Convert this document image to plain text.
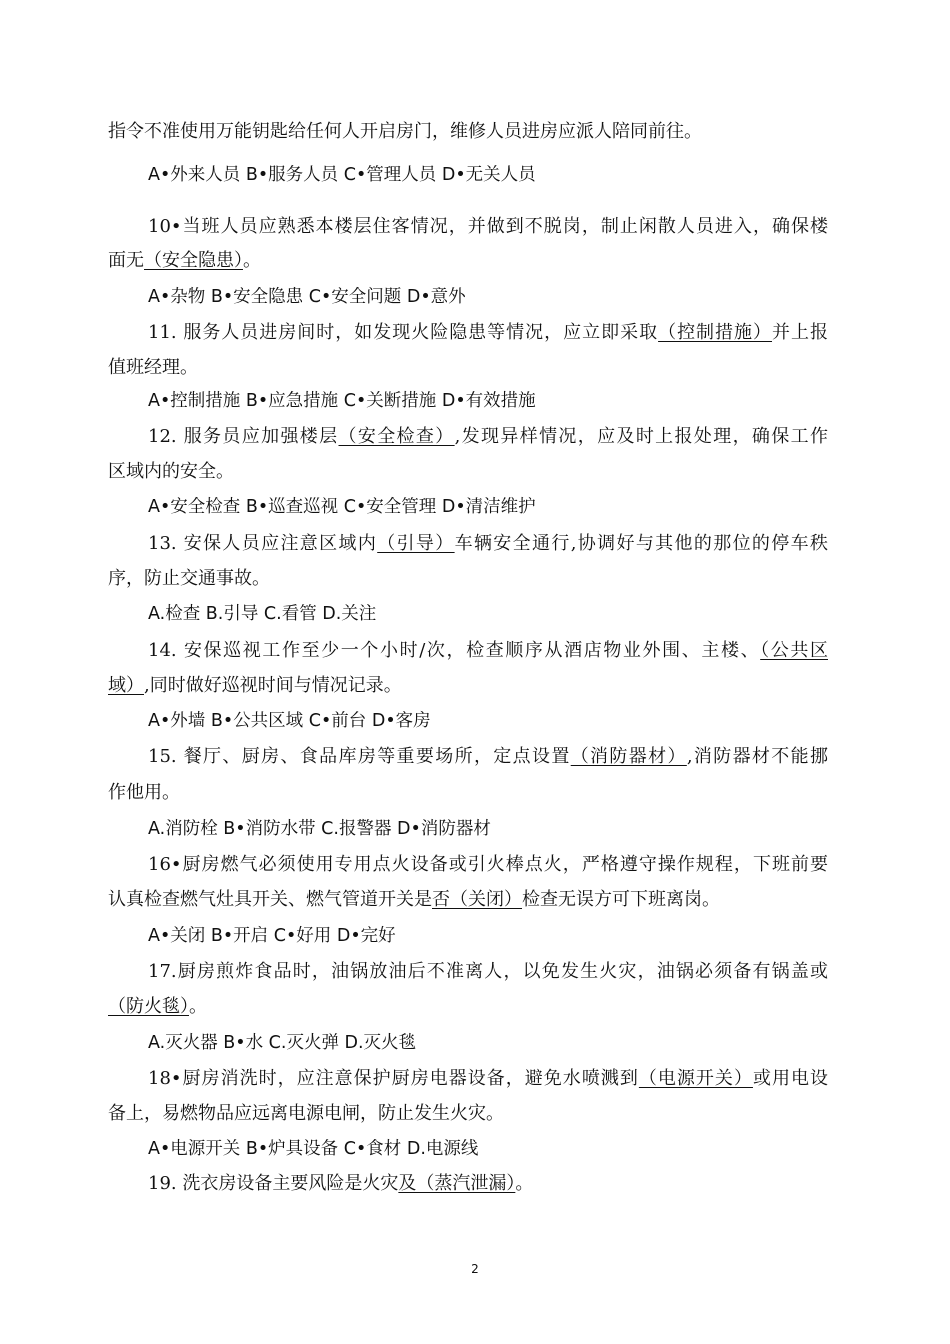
指令不准使用万能钥匙给任何人开启房门，维修人员进房应派人陪同前往。
A•外来人员 B•服务人员 C•管理人员 D•无关人员
10•当班人员应熟悉本楼层住客情况，并做到不脱岗，制止闲散人员进入，确保楼
面无（安全隐患）。
A•杂物 B•安全隐患 C•安全问题 D•意外
11. 服务人员进房间时，如发现火险隐患等情况，应立即采取（控制措施）并上报
值班经理。
A•控制措施 B•应急措施 C•关断措施 D•有效措施
12. 服务员应加强楼层（安全检查）,发现异样情况，应及时上报处理，确保工作
区域内的安全。
A•安全检查 B•巡查巡视 C•安全管理 D•清洁维护
13. 安保人员应注意区域内（引导）车辆安全通行,协调好与其他的那位的停车秩
序，防止交通事故。
A.检查 B.引导 C.看管 D.关注
14. 安保巡视工作至少一个小时/次，检查顺序从酒店物业外围、主楼、（公共区
域）,同时做好巡视时间与情况记录。
A•外墙 B•公共区域 C•前台 D•客房
15. 餐厅、厨房、食品库房等重要场所，定点设置（消防器材）,消防器材不能挪
作他用。
A.消防栓 B•消防水带 C.报警器 D•消防器材
16•厨房燃气必须使用专用点火设备或引火棒点火，严格遵守操作规程，下班前要
认真检查燃气灶具开关、燃气管道开关是否（关闭）检查无误方可下班离岗。
A•关闭 B•开启 C•好用 D•完好
17.厨房煎炸食品时，油锅放油后不准离人，以免发生火灾，油锅必须备有锅盖或
（防火毯）。
A.灭火器 B•水 C.灭火弹 D.灭火毯
18•厨房消洗时，应注意保护厨房电器设备，避免水喷溅到（电源开关）或用电设
备上，易燃物品应远离电源电闸，防止发生火灾。
A•电源开关 B•炉具设备 C•食材 D.电源线
19. 洗衣房设备主要风险是火灾及（蒸汽泄漏）。
2
